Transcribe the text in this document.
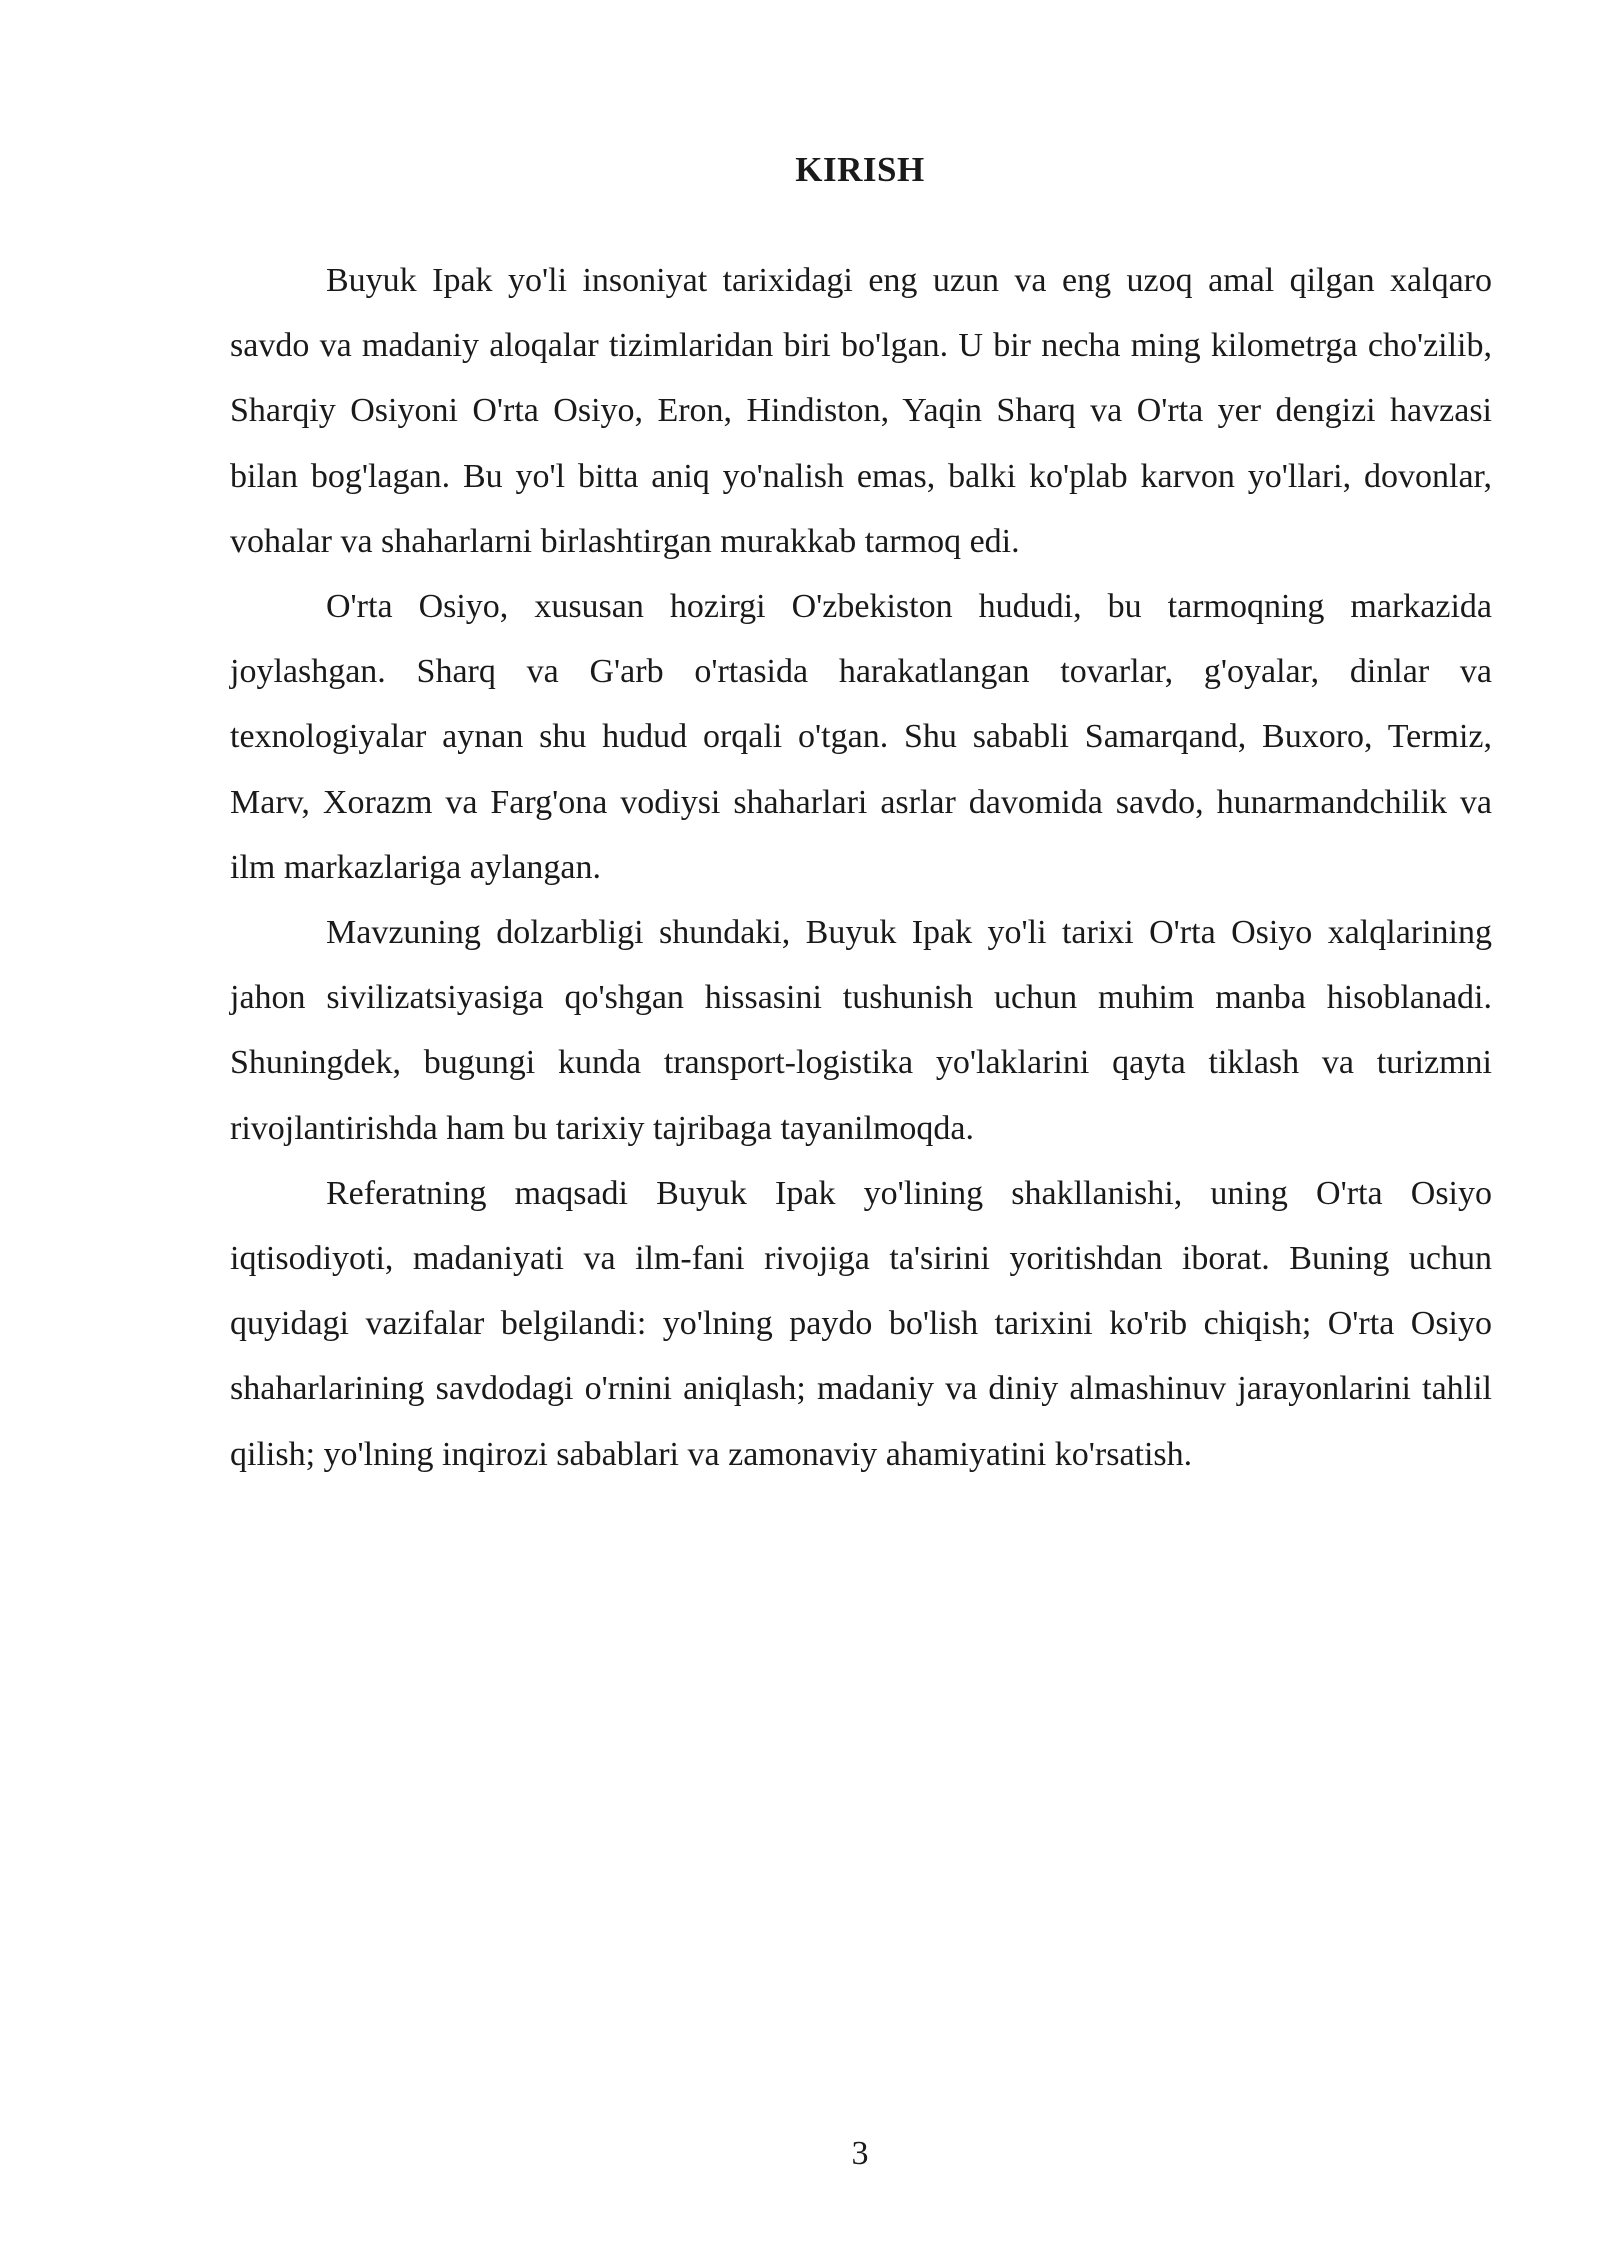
KIRISH

Buyuk Ipak yo'li insoniyat tarixidagi eng uzun va eng uzoq amal qilgan xalqaro savdo va madaniy aloqalar tizimlaridan biri bo'lgan. U bir necha ming kilometrga cho'zilib, Sharqiy Osiyoni O'rta Osiyo, Eron, Hindiston, Yaqin Sharq va O'rta yer dengizi havzasi bilan bog'lagan. Bu yo'l bitta aniq yo'nalish emas, balki ko'plab karvon yo'llari, dovonlar, vohalar va shaharlarni birlashtirgan murakkab tarmoq edi.

O'rta Osiyo, xususan hozirgi O'zbekiston hududi, bu tarmoqning markazida joylashgan. Sharq va G'arb o'rtasida harakatlangan tovarlar, g'oyalar, dinlar va texnologiyalar aynan shu hudud orqali o'tgan. Shu sababli Samarqand, Buxoro, Termiz, Marv, Xorazm va Farg'ona vodiysi shaharlari asrlar davomida savdo, hunarmandchilik va ilm markazlariga aylangan.

Mavzuning dolzarbligi shundaki, Buyuk Ipak yo'li tarixi O'rta Osiyo xalqlarining jahon sivilizatsiyasiga qo'shgan hissasini tushunish uchun muhim manba hisoblanadi. Shuningdek, bugungi kunda transport-logistika yo'laklarini qayta tiklash va turizmni rivojlantirishda ham bu tarixiy tajribaga tayanilmoqda.

Referatning maqsadi Buyuk Ipak yo'lining shakllanishi, uning O'rta Osiyo iqtisodiyoti, madaniyati va ilm-fani rivojiga ta'sirini yoritishdan iborat. Buning uchun quyidagi vazifalar belgilandi: yo'lning paydo bo'lish tarixini ko'rib chiqish; O'rta Osiyo shaharlarining savdodagi o'rnini aniqlash; madaniy va diniy almashinuv jarayonlarini tahlil qilish; yo'lning inqirozi sabablari va zamonaviy ahamiyatini ko'rsatish.

3
